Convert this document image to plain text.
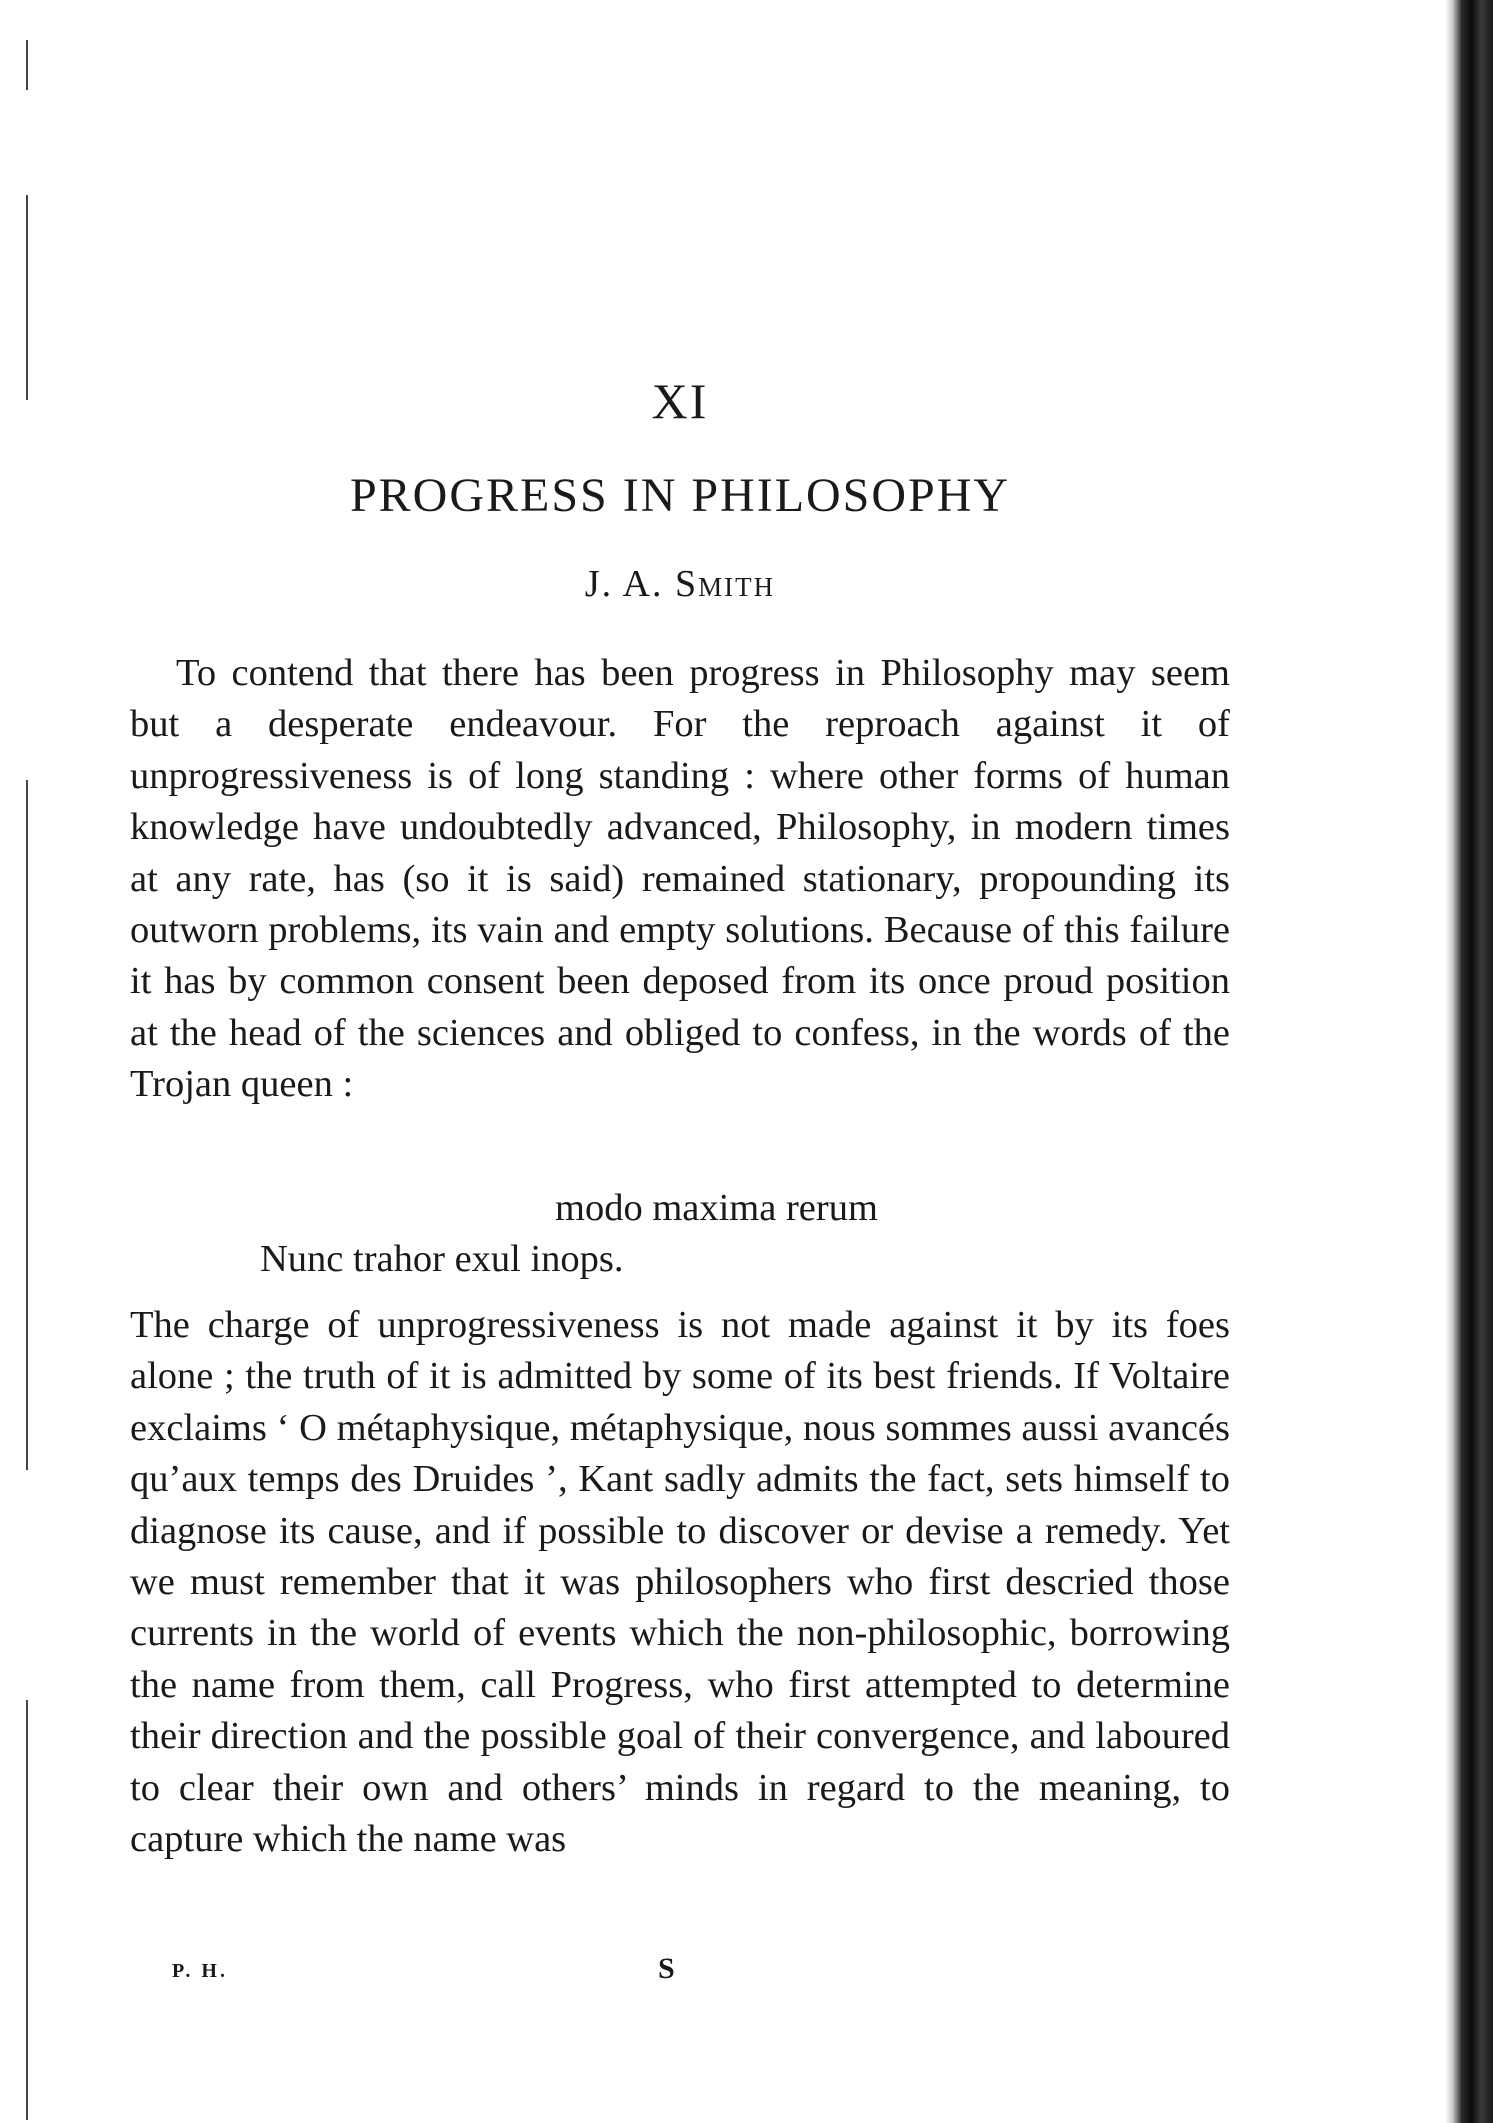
XI
PROGRESS IN PHILOSOPHY
J. A. Smith

To contend that there has been progress in Philosophy may seem but a desperate endeavour. For the reproach against it of unprogressiveness is of long standing : where other forms of human knowledge have undoubtedly advanced, Philosophy, in modern times at any rate, has (so it is said) remained stationary, propounding its outworn problems, its vain and empty solutions. Because of this failure it has by common consent been deposed from its once proud position at the head of the sciences and obliged to confess, in the words of the Trojan queen :

modo maxima rerum
Nunc trahor exul inops.

The charge of unprogressiveness is not made against it by its foes alone ; the truth of it is admitted by some of its best friends. If Voltaire exclaims ‘ O métaphysique, métaphysique, nous sommes aussi avancés qu’aux temps des Druides ’, Kant sadly admits the fact, sets himself to diagnose its cause, and if possible to discover or devise a remedy. Yet we must remember that it was philosophers who first descried those currents in the world of events which the non-philosophic, borrowing the name from them, call Progress, who first attempted to determine their direction and the possible goal of their convergence, and laboured to clear their own and others’ minds in regard to the meaning, to capture which the name was

P. H.	S
